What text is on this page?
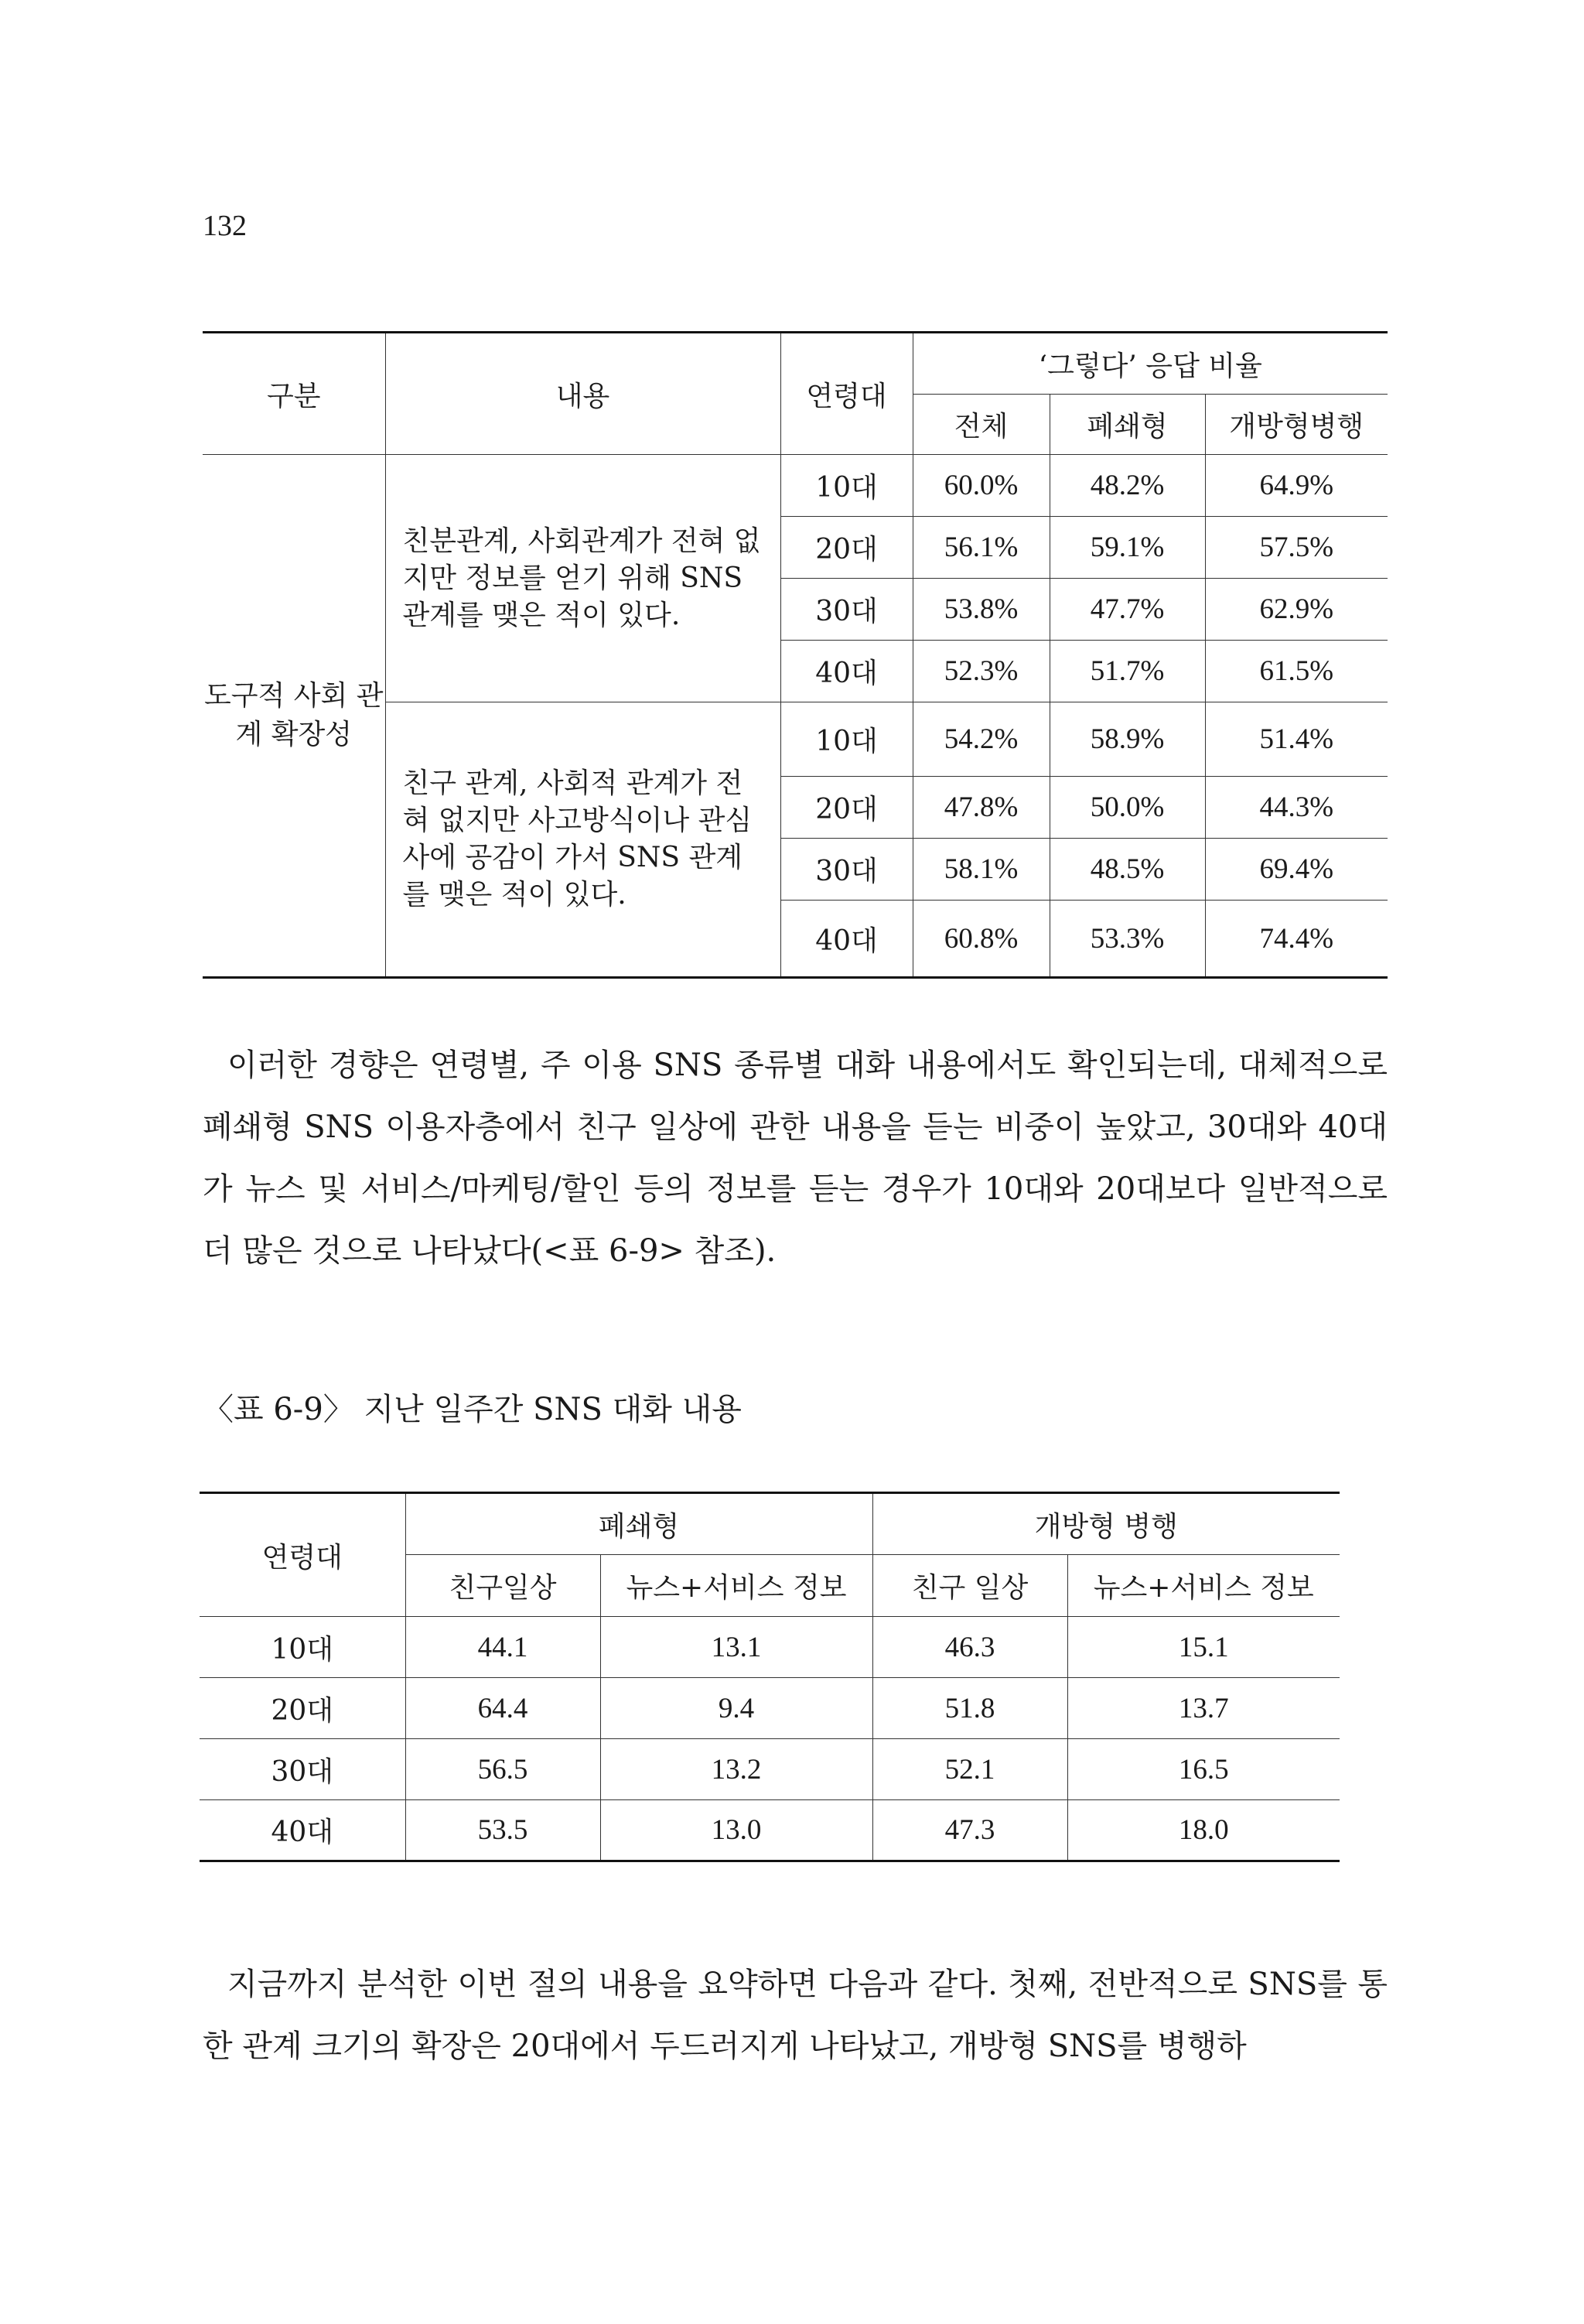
132
구분	내용	연령대	‘그렇다’ 응답 비율		
			전체	폐쇄형	개방형병행
도구적 사회 관계 확장성	친분관계, 사회관계가 전혀 없지만 정보를 얻기 위해 SNS관계를 맺은 적이 있다.	10대	60.0%	48.2%	64.9%
		20대	56.1%	59.1%	57.5%
		30대	53.8%	47.7%	62.9%
		40대	52.3%	51.7%	61.5%
	친구 관계, 사회적 관계가 전혀 없지만 사고방식이나 관심사에 공감이 가서 SNS 관계를 맺은 적이 있다.	10대	54.2%	58.9%	51.4%
		20대	47.8%	50.0%	44.3%
		30대	58.1%	48.5%	69.4%
		40대	60.8%	53.3%	74.4%
이러한 경향은 연령별, 주 이용 SNS 종류별 대화 내용에서도 확인되는데, 대체적으로 폐쇄형 SNS 이용자층에서 친구 일상에 관한 내용을 듣는 비중이 높았고, 30대와 40대가 뉴스 및 서비스/마케팅/할인 등의 정보를 듣는 경우가 10대와 20대보다 일반적으로 더 많은 것으로 나타났다(<표 6-9> 참조).
〈표 6-9〉 지난 일주간 SNS 대화 내용
연령대	폐쇄형		개방형 병행	
	친구일상	뉴스+서비스 정보	친구 일상	뉴스+서비스 정보
10대	44.1	13.1	46.3	15.1
20대	64.4	9.4	51.8	13.7
30대	56.5	13.2	52.1	16.5
40대	53.5	13.0	47.3	18.0
지금까지 분석한 이번 절의 내용을 요약하면 다음과 같다. 첫째, 전반적으로 SNS를 통한 관계 크기의 확장은 20대에서 두드러지게 나타났고, 개방형 SNS를 병행하
